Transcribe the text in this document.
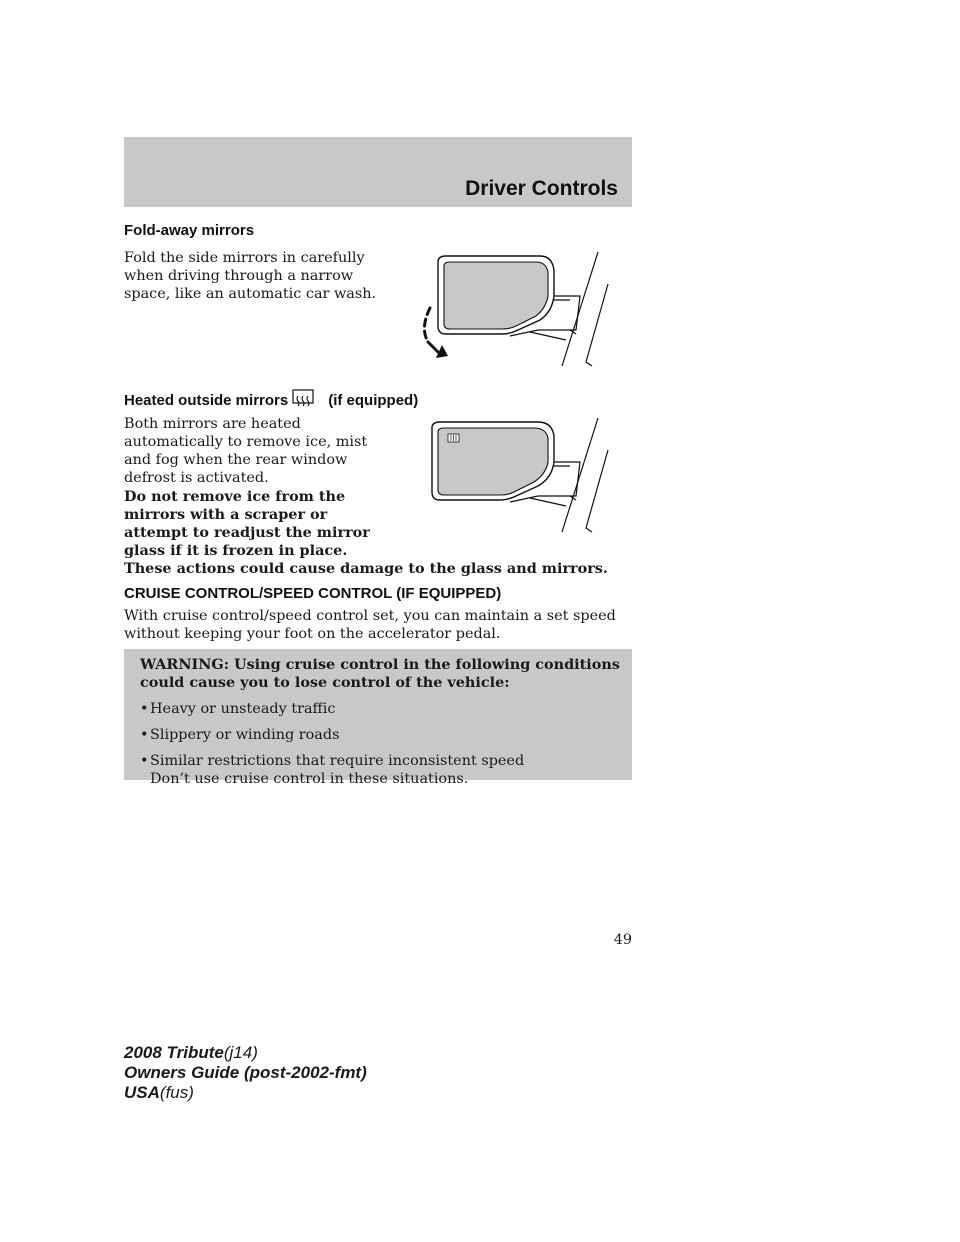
Driver Controls
Fold-away mirrors
Fold the side mirrors in carefully
when driving through a narrow
space, like an automatic car wash.
Heated outside mirrors	(if equipped)
Both mirrors are heated
automatically to remove ice, mist
and fog when the rear window
defrost is activated.
Do not remove ice from the
mirrors with a scraper or
attempt to readjust the mirror
glass if it is frozen in place.
These actions could cause damage to the glass and mirrors.
CRUISE CONTROL/SPEED CONTROL (IF EQUIPPED)
With cruise control/speed control set, you can maintain a set speed
without keeping your foot on the accelerator pedal.

WARNING: Using cruise control in the following conditions

could cause you to lose control of the vehicle:

• Heavy or unsteady traffic
• Slippery or winding roads
• Similar restrictions that require inconsistent speed
Don’t use cruise control in these situations.
49
2008 Tribute(j14)
Owners Guide (post-2002-fmt)
USA(fus)
